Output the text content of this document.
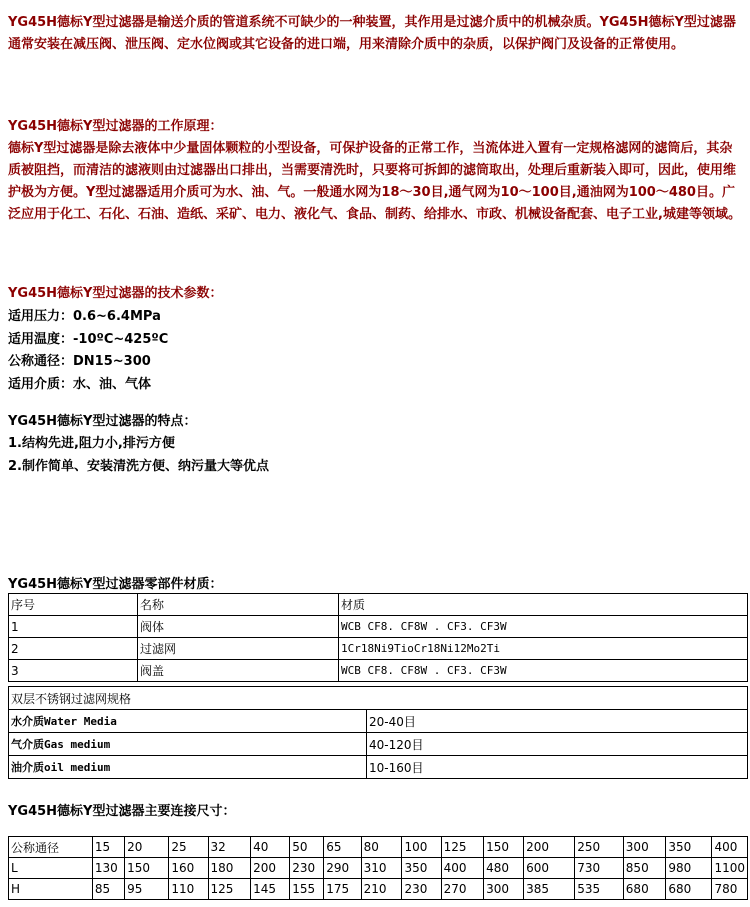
YG45H德标Y型过滤器是输送介质的管道系统不可缺少的一种装置，其作用是过滤介质中的机械杂质。YG45H德标Y型过滤器通常安装在减压阀、泄压阀、定水位阀或其它设备的进口端，用来清除介质中的杂质，以保护阀门及设备的正常使用。
YG45H德标Y型过滤器的工作原理：
德标Y型过滤器是除去液体中少量固体颗粒的小型设备，可保护设备的正常工作，当流体进入置有一定规格滤网的滤筒后，其杂质被阻挡，而清洁的滤液则由过滤器出口排出，当需要清洗时，只要将可拆卸的滤筒取出，处理后重新装入即可，因此，使用维护极为方便。Y型过滤器适用介质可为水、油、气。一般通水网为18～30目,通气网为10～100目,通油网为100～480目。广泛应用于化工、石化、石油、造纸、采矿、电力、液化气、食品、制药、给排水、市政、机械设备配套、电子工业,城建等领域。
YG45H德标Y型过滤器的技术参数：
适用压力：0.6~6.4MPa
适用温度：-10ºC~425ºC
公称通径：DN15~300
适用介质：水、油、气体
YG45H德标Y型过滤器的特点：
1.结构先进,阻力小,排污方便
2.制作简单、安装清洗方便、纳污量大等优点
YG45H德标Y型过滤器零部件材质：
序号	名称	材质
1	阀体	WCB CF8. CF8W . CF3. CF3W
2	过滤网	1Cr18Ni9TioCr18Ni12Mo2Ti
3	阀盖	WCB CF8. CF8W . CF3. CF3W
双层不锈钢过滤网规格	
水介质Water Media	20-40目
气介质Gas medium	40-120目
油介质oil medium	10-160目
YG45H德标Y型过滤器主要连接尺寸：
公称通径	15	20	25	32	40	50	65	80	100	125	150	200	250	300	350	400
L	130	150	160	180	200	230	290	310	350	400	480	600	730	850	980	1100
H	85	95	110	125	145	155	175	210	230	270	300	385	535	680	680	780
